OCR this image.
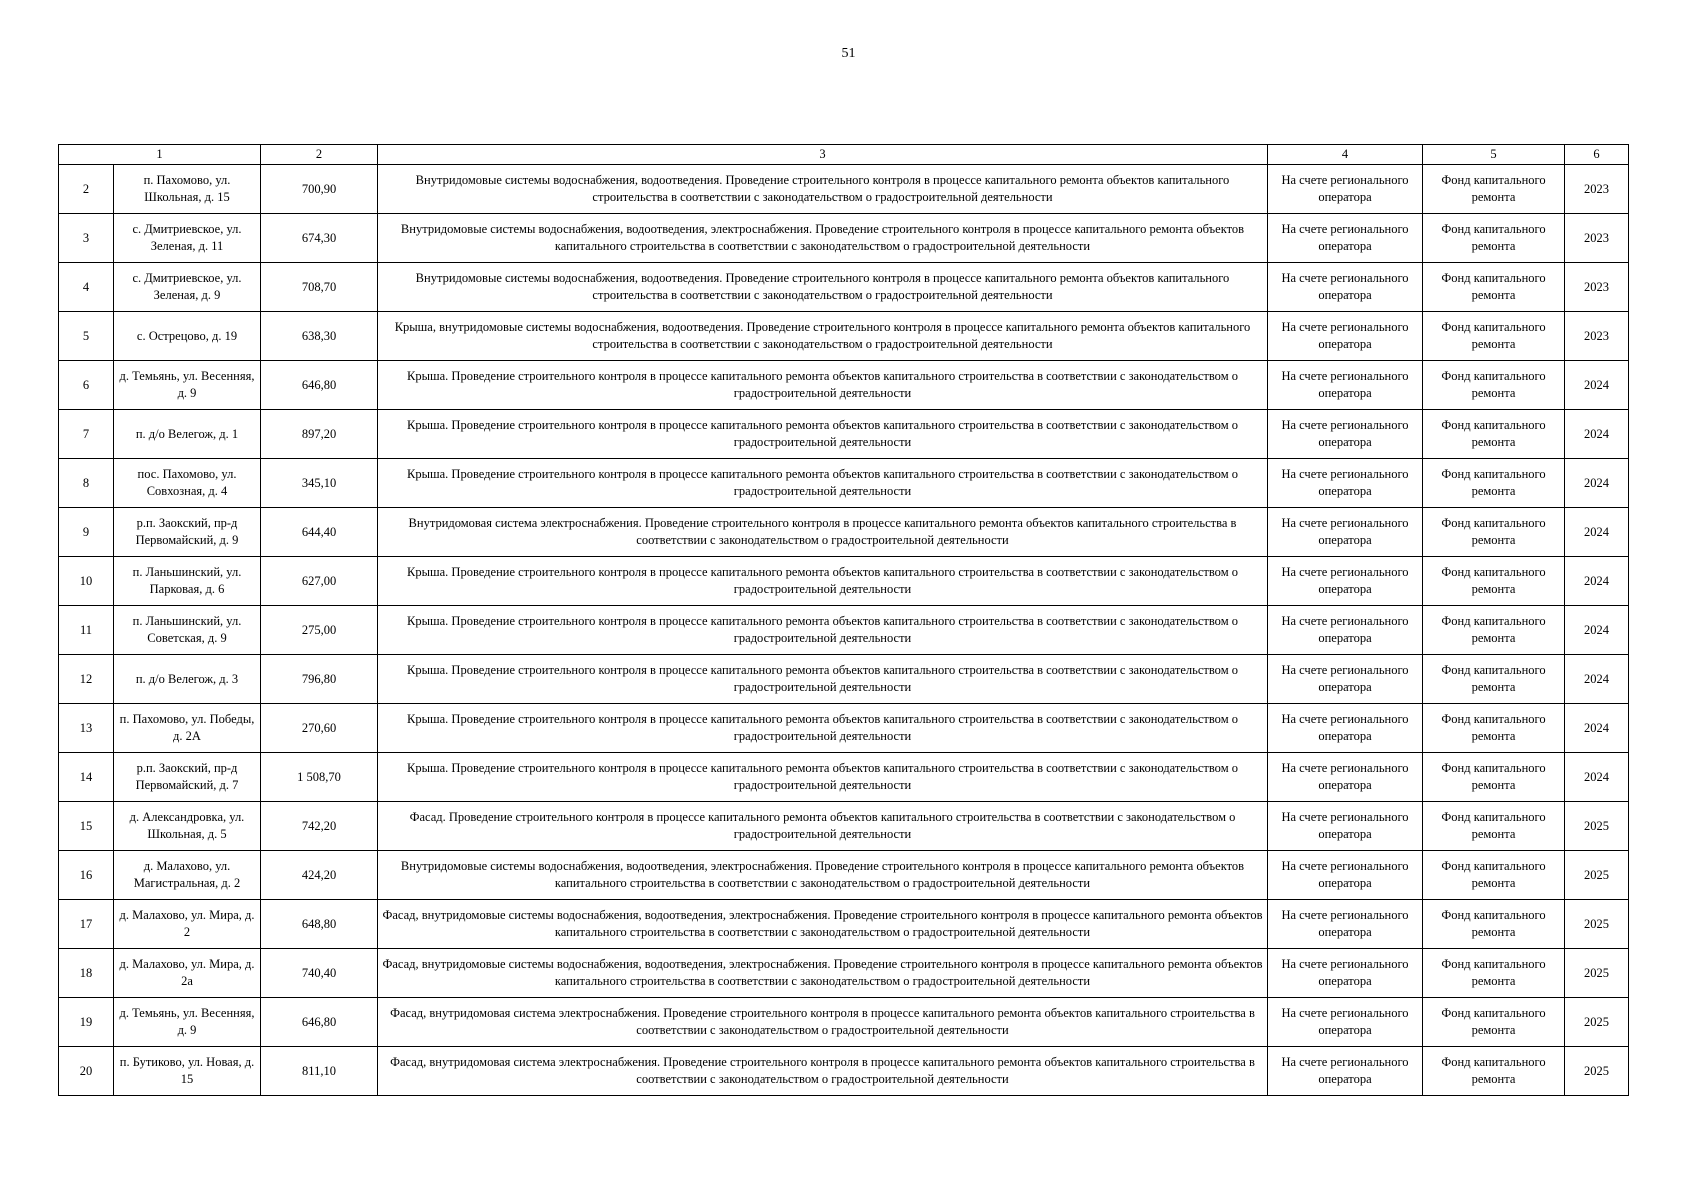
51
1		2	3	4	5	6
2	п. Пахомово, ул. Школьная, д. 15	700,90	Внутридомовые системы водоснабжения, водоотведения. Проведение строительного контроля в процессе капитального ремонта объектов капитального строительства в соответствии с законодательством о градостроительной деятельности	На счете регионального оператора	Фонд капитального ремонта	2023
3	с. Дмитриевское, ул. Зеленая, д. 11	674,30	Внутридомовые системы водоснабжения, водоотведения, электроснабжения. Проведение строительного контроля в процессе капитального ремонта объектов капитального строительства в соответствии с законодательством о градостроительной деятельности	На счете регионального оператора	Фонд капитального ремонта	2023
4	с. Дмитриевское, ул. Зеленая, д. 9	708,70	Внутридомовые системы водоснабжения, водоотведения. Проведение строительного контроля в процессе капитального ремонта объектов капитального строительства в соответствии с законодательством о градостроительной деятельности	На счете регионального оператора	Фонд капитального ремонта	2023
5	с. Острецово, д. 19	638,30	Крыша, внутридомовые системы водоснабжения, водоотведения. Проведение строительного контроля в процессе капитального ремонта объектов капитального строительства в соответствии с законодательством о градостроительной деятельности	На счете регионального оператора	Фонд капитального ремонта	2023
6	д. Темьянь, ул. Весенняя, д. 9	646,80	Крыша. Проведение строительного контроля в процессе капитального ремонта объектов капитального строительства в соответствии с законодательством о градостроительной деятельности	На счете регионального оператора	Фонд капитального ремонта	2024
7	п. д/о Велегож, д. 1	897,20	Крыша. Проведение строительного контроля в процессе капитального ремонта объектов капитального строительства в соответствии с законодательством о градостроительной деятельности	На счете регионального оператора	Фонд капитального ремонта	2024
8	пос. Пахомово, ул. Совхозная, д. 4	345,10	Крыша. Проведение строительного контроля в процессе капитального ремонта объектов капитального строительства в соответствии с законодательством о градостроительной деятельности	На счете регионального оператора	Фонд капитального ремонта	2024
9	р.п. Заокский, пр-д Первомайский, д. 9	644,40	Внутридомовая система электроснабжения. Проведение строительного контроля в процессе капитального ремонта объектов капитального строительства в соответствии с законодательством о градостроительной деятельности	На счете регионального оператора	Фонд капитального ремонта	2024
10	п. Ланьшинский, ул. Парковая, д. 6	627,00	Крыша. Проведение строительного контроля в процессе капитального ремонта объектов капитального строительства в соответствии с законодательством о градостроительной деятельности	На счете регионального оператора	Фонд капитального ремонта	2024
11	п. Ланьшинский, ул. Советская, д. 9	275,00	Крыша. Проведение строительного контроля в процессе капитального ремонта объектов капитального строительства в соответствии с законодательством о градостроительной деятельности	На счете регионального оператора	Фонд капитального ремонта	2024
12	п. д/о Велегож, д. 3	796,80	Крыша. Проведение строительного контроля в процессе капитального ремонта объектов капитального строительства в соответствии с законодательством о градостроительной деятельности	На счете регионального оператора	Фонд капитального ремонта	2024
13	п. Пахомово, ул. Победы, д. 2А	270,60	Крыша. Проведение строительного контроля в процессе капитального ремонта объектов капитального строительства в соответствии с законодательством о градостроительной деятельности	На счете регионального оператора	Фонд капитального ремонта	2024
14	р.п. Заокский, пр-д Первомайский, д. 7	1 508,70	Крыша. Проведение строительного контроля в процессе капитального ремонта объектов капитального строительства в соответствии с законодательством о градостроительной деятельности	На счете регионального оператора	Фонд капитального ремонта	2024
15	д. Александровка, ул. Школьная, д. 5	742,20	Фасад. Проведение строительного контроля в процессе капитального ремонта объектов капитального строительства в соответствии с законодательством о градостроительной деятельности	На счете регионального оператора	Фонд капитального ремонта	2025
16	д. Малахово, ул. Магистральная, д. 2	424,20	Внутридомовые системы водоснабжения, водоотведения, электроснабжения. Проведение строительного контроля в процессе капитального ремонта объектов капитального строительства в соответствии с законодательством о градостроительной деятельности	На счете регионального оператора	Фонд капитального ремонта	2025
17	д. Малахово, ул. Мира, д. 2	648,80	Фасад, внутридомовые системы водоснабжения, водоотведения, электроснабжения. Проведение строительного контроля в процессе капитального ремонта объектов капитального строительства в соответствии с законодательством о градостроительной деятельности	На счете регионального оператора	Фонд капитального ремонта	2025
18	д. Малахово, ул. Мира, д. 2а	740,40	Фасад, внутридомовые системы водоснабжения, водоотведения, электроснабжения. Проведение строительного контроля в процессе капитального ремонта объектов капитального строительства в соответствии с законодательством о градостроительной деятельности	На счете регионального оператора	Фонд капитального ремонта	2025
19	д. Темьянь, ул. Весенняя, д. 9	646,80	Фасад, внутридомовая система электроснабжения. Проведение строительного контроля в процессе капитального ремонта объектов капитального строительства в соответствии с законодательством о градостроительной деятельности	На счете регионального оператора	Фонд капитального ремонта	2025
20	п. Бутиково, ул. Новая, д. 15	811,10	Фасад, внутридомовая система электроснабжения. Проведение строительного контроля в процессе капитального ремонта объектов капитального строительства в соответствии с законодательством о градостроительной деятельности	На счете регионального оператора	Фонд капитального ремонта	2025
